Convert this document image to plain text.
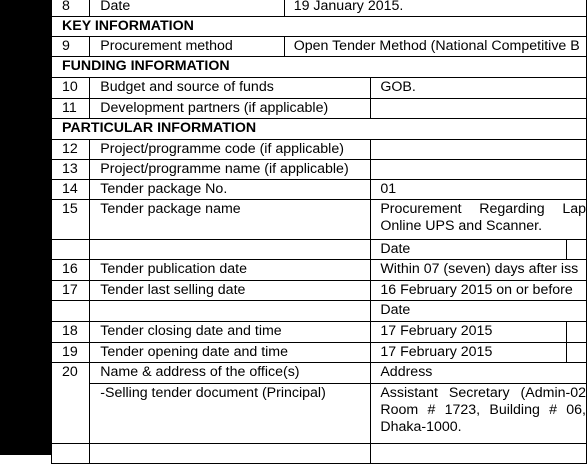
8	Date	19 January 2015.		
KEY INFORMATION				
9	Procurement method	Open Tender Method (National Competitive B		
FUNDING INFORMATION				
10	Budget and source of funds		GOB.	
11	Development partners (if applicable)			
PARTICULAR INFORMATION				
12	Project/programme code (if applicable)			
13	Project/programme name (if applicable)			
14	Tender package No.		01	
15	Tender package name		Procurement Regarding Lap Online UPS and Scanner.	
			Date	
16	Tender publication date		Within 07 (seven) days after iss	
17	Tender last selling date		16 February 2015 on or before	
			Date	
18	Tender closing date and time		17 February 2015	
19	Tender opening date and time		17 February 2015	
20	Name & address of the office(s)		Address	
	-Selling tender document (Principal)		Assistant Secretary (Admin-02 Room # 1723, Building # 06, Dhaka-1000.	
